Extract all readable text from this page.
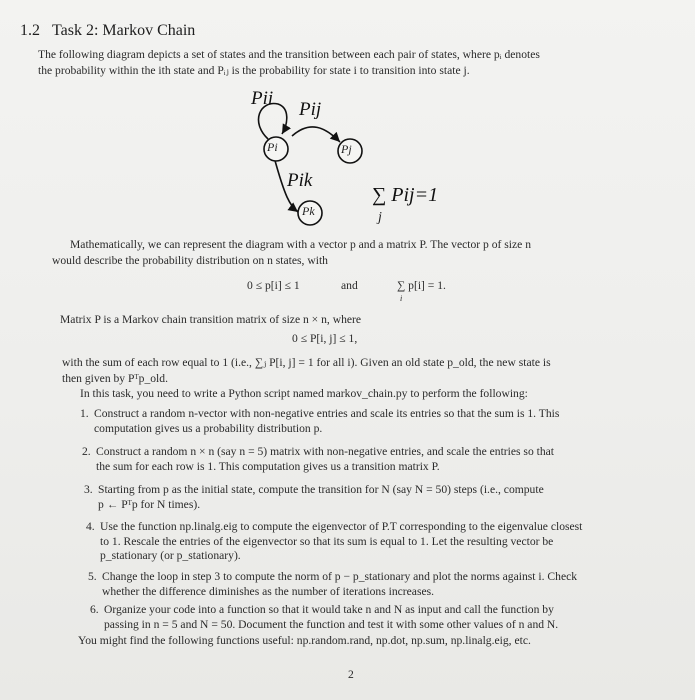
1.2 Task 2: Markov Chain
The following diagram depicts a set of states and the transition between each pair of states, where pᵢ denotes
the probability within the ith state and Pᵢⱼ is the probability for state i to transition into state j.
Pii
Pij
Pik
Pi	Pj
Pk
∑ Pij=1
j
Mathematically, we can represent the diagram with a vector p and a matrix P. The vector p of size n
would describe the probability distribution on n states, with
0 ≤ p[i] ≤ 1	and	∑ p[i] = 1.
i
Matrix P is a Markov chain transition matrix of size n × n, where
0 ≤ P[i, j] ≤ 1,
with the sum of each row equal to 1 (i.e., ∑ⱼ P[i, j] = 1 for all i). Given an old state p_old, the new state is
then given by Pᵀp_old.
In this task, you need to write a Python script named markov_chain.py to perform the following:
1. Construct a random n-vector with non-negative entries and scale its entries so that the sum is 1. This
computation gives us a probability distribution p.
2. Construct a random n × n (say n = 5) matrix with non-negative entries, and scale the entries so that
the sum for each row is 1. This computation gives us a transition matrix P.
3. Starting from p as the initial state, compute the transition for N (say N = 50) steps (i.e., compute
p ← Pᵀp for N times).
4. Use the function np.linalg.eig to compute the eigenvector of P.T corresponding to the eigenvalue closest
to 1. Rescale the entries of the eigenvector so that its sum is equal to 1. Let the resulting vector be
p_stationary (or p_stationary).
5. Change the loop in step 3 to compute the norm of p − p_stationary and plot the norms against i. Check
whether the difference diminishes as the number of iterations increases.
6. Organize your code into a function so that it would take n and N as input and call the function by
passing in n = 5 and N = 50. Document the function and test it with some other values of n and N.
You might find the following functions useful: np.random.rand, np.dot, np.sum, np.linalg.eig, etc.
2
